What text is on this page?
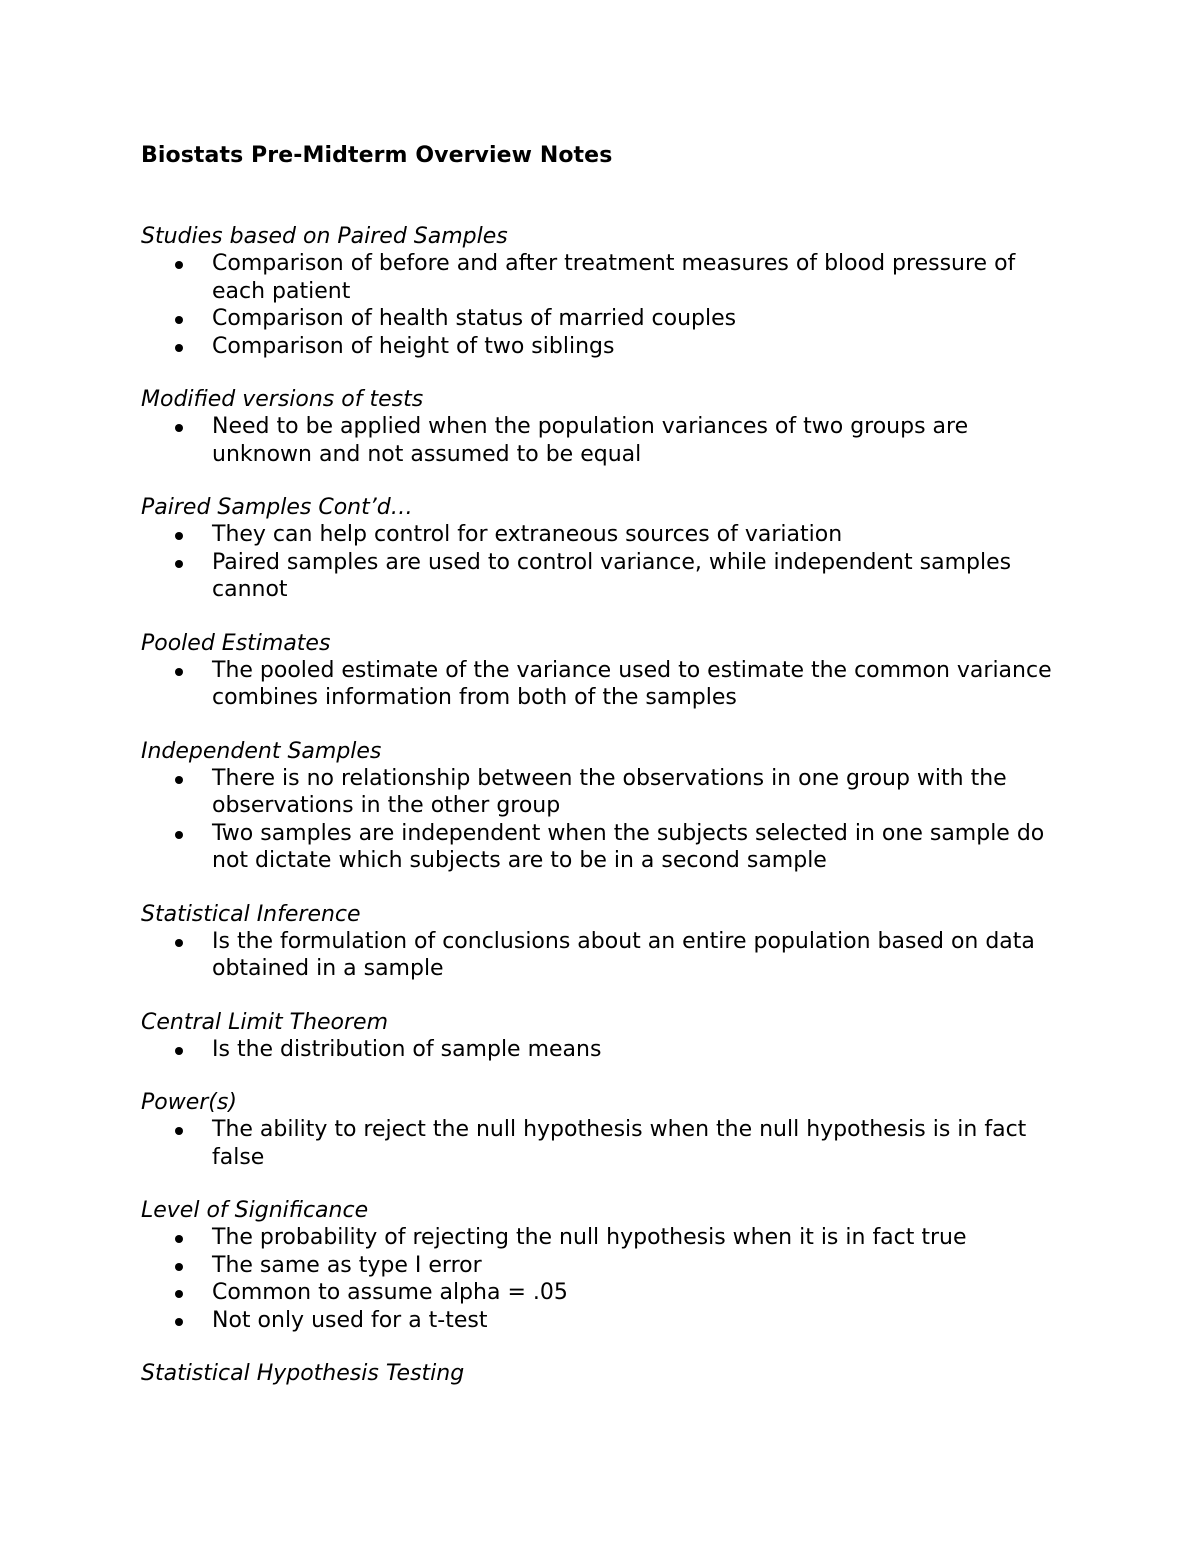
Biostats Pre-Midterm Overview Notes
Studies based on Paired Samples
Comparison of before and after treatment measures of blood pressure of each patient
Comparison of health status of married couples
Comparison of height of two siblings
Modified versions of tests
Need to be applied when the population variances of two groups are unknown and not assumed to be equal
Paired Samples Cont’d…
They can help control for extraneous sources of variation
Paired samples are used to control variance, while independent samples cannot
Pooled Estimates
The pooled estimate of the variance used to estimate the common variance combines information from both of the samples
Independent Samples
There is no relationship between the observations in one group with the observations in the other group
Two samples are independent when the subjects selected in one sample do not dictate which subjects are to be in a second sample
Statistical Inference
Is the formulation of conclusions about an entire population based on data obtained in a sample
Central Limit Theorem
Is the distribution of sample means
Power(s)
The ability to reject the null hypothesis when the null hypothesis is in fact false
Level of Significance
The probability of rejecting the null hypothesis when it is in fact true
The same as type I error
Common to assume alpha = .05
Not only used for a t-test
Statistical Hypothesis Testing
